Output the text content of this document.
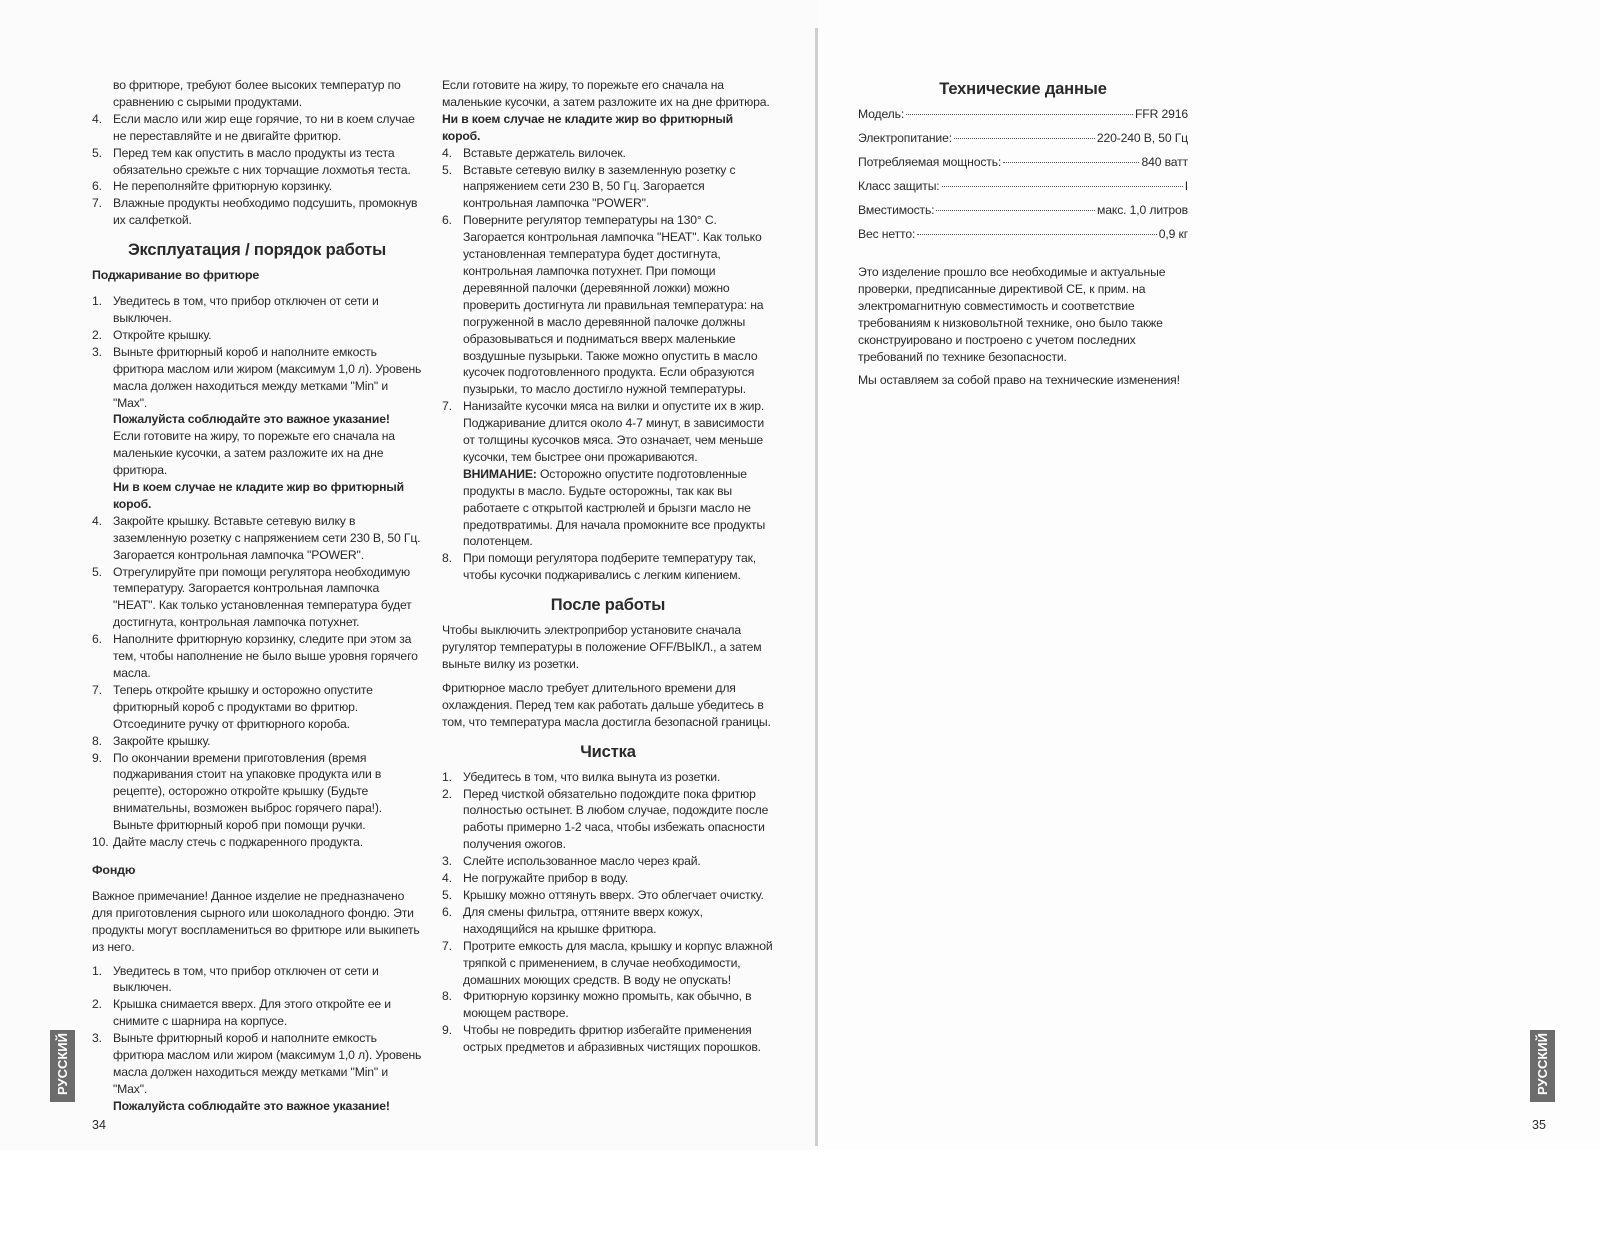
во фритюре, требуют более высоких температур по сравнению с сырыми продуктами.

4. Если масло или жир еще горячие, то ни в коем случае не переставляйте и не двигайте фритюр.
5. Перед тем как опустить в масло продукты из теста обязательно срежьте с них торчащие лохмотья теста.
6. Не переполняйте фритюрную корзинку.
7. Влажные продукты необходимо подсушить, промокнув их салфеткой.
Эксплуатация / порядок работы
Поджаривание во фритюре
1. Уведитесь в том, что прибор отключен от сети и выключен.
2. Откройте крышку.
3. Выньте фритюрный короб и наполните емкость фритюра маслом или жиром (максимум 1,0 л). Уровень масла должен находиться между метками "Min" и "Max".

Пожалуйста соблюдайте это важное указание!

Если готовите на жиру, то порежьте его сначала на маленькие кусочки, а затем разложите их на дне фритюра.

Ни в коем случае не кладите жир во фритюрный короб.

4. Закройте крышку. Вставьте сетевую вилку в заземленную розетку с напряжением сети 230 В, 50 Гц. Загорается контрольная лампочка "POWER".
5. Отрегулируйте при помощи регулятора необходимую температуру. Загорается контрольная лампочка "HEAT". Как только установленная температура будет достигнута, контрольная лампочка потухнет.
6. Наполните фритюрную корзинку, следите при этом за тем, чтобы наполнение не было выше уровня горячего масла.
7. Теперь откройте крышку и осторожно опустите фритюрный короб с продуктами во фритюр. Отсоедините ручку от фритюрного короба.
8. Закройте крышку.
9. По окончании времени приготовления (время поджаривания стоит на упаковке продукта или в рецепте), осторожно откройте крышку (Будьте внимательны, возможен выброс горячего пара!). Выньте фритюрный короб при помощи ручки.
10. Дайте маслу стечь с поджаренного продукта.
Фондю

Важное примечание! Данное изделие не предназначено для приготовления сырного или шоколадного фондю. Эти продукты могут воспламениться во фритюре или выкипеть из него.

1. Уведитесь в том, что прибор отключен от сети и выключен.
2. Крышка снимается вверх. Для этого откройте ее и снимите с шарнира на корпусе.
3. Выньте фритюрный короб и наполните емкость фритюра маслом или жиром (максимум 1,0 л). Уровень масла должен находиться между метками "Min" и "Max".

Пожалуйста соблюдайте это важное указание!

Если готовите на жиру, то порежьте его сначала на маленькие кусочки, а затем разложите их на дне фритюра.

Ни в коем случае не кладите жир во фритюрный короб.

4. Вставьте держатель вилочек.
5. Вставьте сетевую вилку в заземленную розетку с напряжением сети 230 В, 50 Гц. Загорается контрольная лампочка "POWER".
6. Поверните регулятор температуры на 130° С. Загорается контрольная лампочка "HEAT". Как только установленная температура будет достигнута, контрольная лампочка потухнет. При помощи деревянной палочки (деревянной ложки) можно проверить достигнута ли правильная температура: на погруженной в масло деревянной палочке должны образовываться и подниматься вверх маленькие воздушные пузырьки. Также можно опустить в масло кусочек подготовленного продукта. Если образуются пузырьки, то масло достигло нужной температуры.
7. Нанизайте кусочки мяса на вилки и опустите их в жир. Поджаривание длится около 4-7 минут, в зависимости от толщины кусочков мяса. Это означает, чем меньше кусочки, тем быстрее они прожариваются.

ВНИМАНИЕ: Осторожно опустите подготовленные продукты в масло. Будьте осторожны, так как вы работаете с открытой кастрюлей и брызги масло не предотвратимы. Для начала промокните все продукты полотенцем.

8. При помощи регулятора подберите температуру так, чтобы кусочки поджаривались с легким кипением.
После работы

Чтобы выключить электроприбор установите сначала ругулятор температуры в положение OFF/ВЫКЛ., а затем выньте вилку из розетки.

Фритюрное масло требует длительного времени для охлаждения. Перед тем как работать дальше убедитесь в том, что температура масла достигла безопасной границы.

Чистка
1. Убедитесь в том, что вилка вынута из розетки.
2. Перед чисткой обязательно подождите пока фритюр полностью остынет. В любом случае, подождите после работы примерно 1-2 часа, чтобы избежать опасности получения ожогов.
3. Слейте использованное масло через край.
4. Не погружайте прибор в воду.
5. Крышку можно оттянуть вверх. Это облегчает очистку.
6. Для смены фильтра, оттяните вверх кожух, находящийся на крышке фритюра.
7. Протрите емкость для масла, крышку и корпус влажной тряпкой с применением, в случае необходимости, домашних моющих средств. В воду не опускать!
8. Фритюрную корзинку можно промыть, как обычно, в моющем растворе.
9. Чтобы не повредить фритюр избегайте применения острых предметов и абразивных чистящих порошков.
Технические данные
Модель:	FFR 2916
Электропитание:	220-240 В, 50 Гц
Потребляемая мощность:	840 ватт
Класс защиты:	I
Вместимость:	макс. 1,0 литров
Вес нетто:	0,9 кг

Это изделение прошло все необходимые и актуальные проверки, предписанные директивой CE, к прим. на электромагнитную совместимость и соответствие требованиям к низковольтной технике, оно было также сконструировано и построено с учетом последних требований по технике безопасности.

Мы оставляем за собой право на технические изменения!

РУССКИЙ	РУССКИЙ
34	35
